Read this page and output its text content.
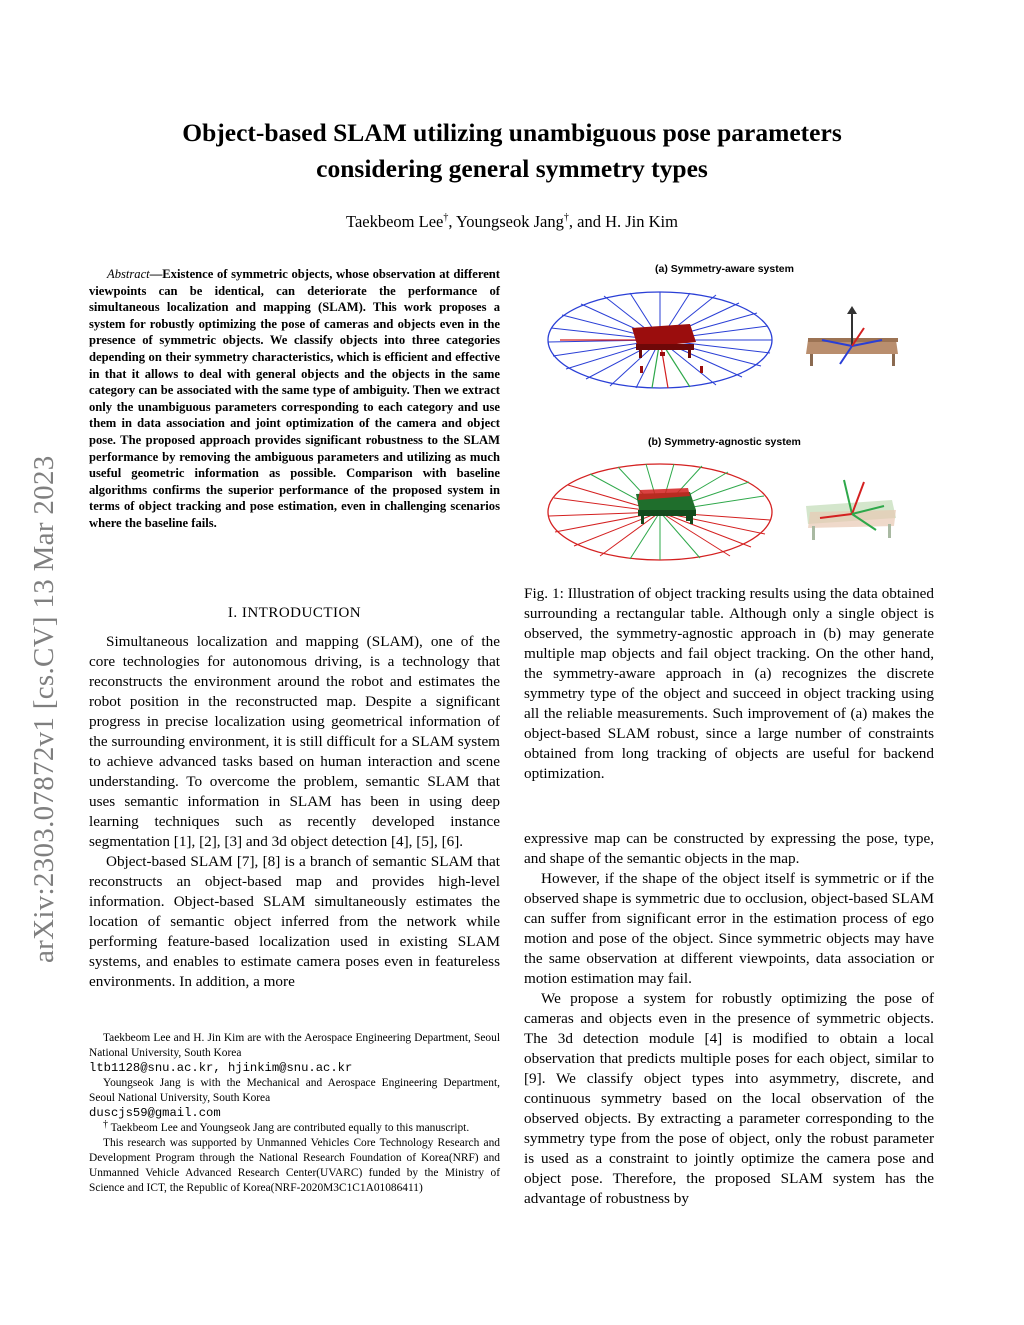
arXiv:2303.07872v1 [cs.CV] 13 Mar 2023
Object-based SLAM utilizing unambiguous pose parameters
considering general symmetry types
Taekbeom Lee†, Youngseok Jang†, and H. Jin Kim

Abstract—Existence of symmetric objects, whose observation at different viewpoints can be identical, can deteriorate the performance of simultaneous localization and mapping (SLAM). This work proposes a system for robustly optimizing the pose of cameras and objects even in the presence of symmetric objects. We classify objects into three categories depending on their symmetry characteristics, which is efficient and effective in that it allows to deal with general objects and the objects in the same category can be associated with the same type of ambiguity. Then we extract only the unambiguous parameters corresponding to each category and use them in data association and joint optimization of the camera and object pose. The proposed approach provides significant robustness to the SLAM performance by removing the ambiguous parameters and utilizing as much useful geometric information as possible. Comparison with baseline algorithms confirms the superior performance of the proposed system in terms of object tracking and pose estimation, even in challenging scenarios where the baseline fails.

I. INTRODUCTION

Simultaneous localization and mapping (SLAM), one of the core technologies for autonomous driving, is a technology that reconstructs the environment around the robot and estimates the robot position in the reconstructed map. Despite a significant progress in precise localization using geometrical information of the surrounding environment, it is still difficult for a SLAM system to achieve advanced tasks based on human interaction and scene understanding. To overcome the problem, semantic SLAM that uses semantic information in SLAM has been in using deep learning techniques such as recently developed instance segmentation [1], [2], [3] and 3d object detection [4], [5], [6].

Object-based SLAM [7], [8] is a branch of semantic SLAM that reconstructs an object-based map and provides high-level information. Object-based SLAM simultaneously estimates the location of semantic object inferred from the network while performing feature-based localization used in existing SLAM systems, and enables to estimate camera poses even in featureless environments. In addition, a more

Taekbeom Lee and H. Jin Kim are with the Aerospace Engineering Department, Seoul National University, South Korea
ltb1128@snu.ac.kr, hjinkim@snu.ac.kr

Youngseok Jang is with the Mechanical and Aerospace Engineering Department, Seoul National University, South Korea
duscjs59@gmail.com

† Taekbeom Lee and Youngseok Jang are contributed equally to this manuscript.

This research was supported by Unmanned Vehicles Core Technology Research and Development Program through the National Research Foundation of Korea(NRF) and Unmanned Vehicle Advanced Research Center(UVARC) funded by the Ministry of Science and ICT, the Republic of Korea(NRF-2020M3C1C1A01086411)

(a) Symmetry-aware system
(b) Symmetry-agnostic system

Fig. 1: Illustration of object tracking results using the data obtained surrounding a rectangular table. Although only a single object is observed, the symmetry-agnostic approach in (b) may generate multiple map objects and fail object tracking. On the other hand, the symmetry-aware approach in (a) recognizes the discrete symmetry type of the object and succeed in object tracking using all the reliable measurements. Such improvement of (a) makes the object-based SLAM robust, since a large number of constraints obtained from long tracking of objects are useful for backend optimization.

expressive map can be constructed by expressing the pose, type, and shape of the semantic objects in the map.

However, if the shape of the object itself is symmetric or if the observed shape is symmetric due to occlusion, object-based SLAM can suffer from significant error in the estimation process of ego motion and pose of the object. Since symmetric objects may have the same observation at different viewpoints, data association or motion estimation may fail.

We propose a system for robustly optimizing the pose of cameras and objects even in the presence of symmetric objects. The 3d detection module [4] is modified to obtain a local observation that predicts multiple poses for each object, similar to [9]. We classify object types into asymmetry, discrete, and continuous symmetry based on the local observation of the observed objects. By extracting a parameter corresponding to the symmetry type from the pose of object, only the robust parameter is used as a constraint to jointly optimize the camera pose and object pose. Therefore, the proposed SLAM system has the advantage of robustness by
